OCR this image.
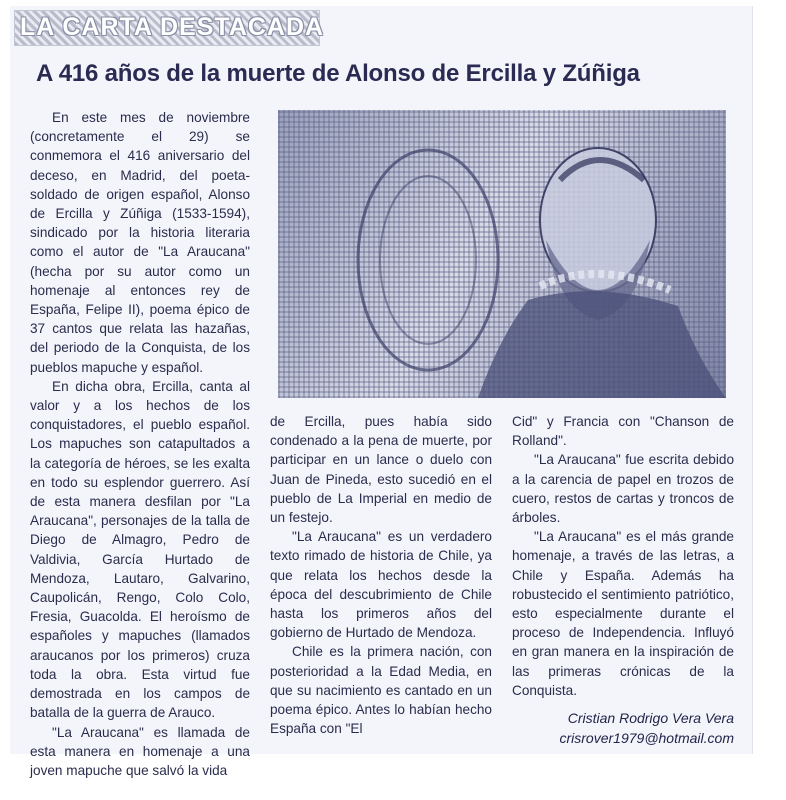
LA CARTA DESTACADA
A 416 años de la muerte de Alonso de Ercilla y Zúñiga

En este mes de noviembre (concretamente el 29) se conmemora el 416 aniversario del deceso, en Madrid, del poeta-soldado de origen español, Alonso de Ercilla y Zúñiga (1533-1594), sindicado por la historia literaria como el autor de "La Araucana" (hecha por su autor como un homenaje al entonces rey de España, Felipe II), poema épico de 37 cantos que relata las hazañas, del periodo de la Conquista, de los pueblos mapuche y español.

En dicha obra, Ercilla, canta al valor y a los hechos de los conquistadores, el pueblo español. Los mapuches son catapultados a la categoría de héroes, se les exalta en todo su esplendor guerrero. Así de esta manera desfilan por "La Araucana", personajes de la talla de Diego de Almagro, Pedro de Valdivia, García Hurtado de Mendoza, Lautaro, Galvarino, Caupolicán, Rengo, Colo Colo, Fresia, Guacolda. El heroísmo de españoles y mapuches (llamados araucanos por los primeros) cruza toda la obra. Esta virtud fue demostrada en los campos de batalla de la guerra de Arauco.

"La Araucana" es llamada de esta manera en homenaje a una joven mapuche que salvó la vida

de Ercilla, pues había sido condenado a la pena de muerte, por participar en un lance o duelo con Juan de Pineda, esto sucedió en el pueblo de La Imperial en medio de un festejo.

"La Araucana" es un verdadero texto rimado de historia de Chile, ya que relata los hechos desde la época del descubrimiento de Chile hasta los primeros años del gobierno de Hurtado de Mendoza.

Chile es la primera nación, con posterioridad a la Edad Media, en que su nacimiento es cantado en un poema épico. Antes lo habían hecho España con "El

Cid" y Francia con "Chanson de Rolland".

"La Araucana" fue escrita debido a la carencia de papel en trozos de cuero, restos de cartas y troncos de árboles.

"La Araucana" es el más grande homenaje, a través de las letras, a Chile y España. Además ha robustecido el sentimiento patriótico, esto especialmente durante el proceso de Independencia. Influyó en gran manera en la inspiración de las primeras crónicas de la Conquista.

Cristian Rodrigo Vera Vera
crisrover1979@hotmail.com
